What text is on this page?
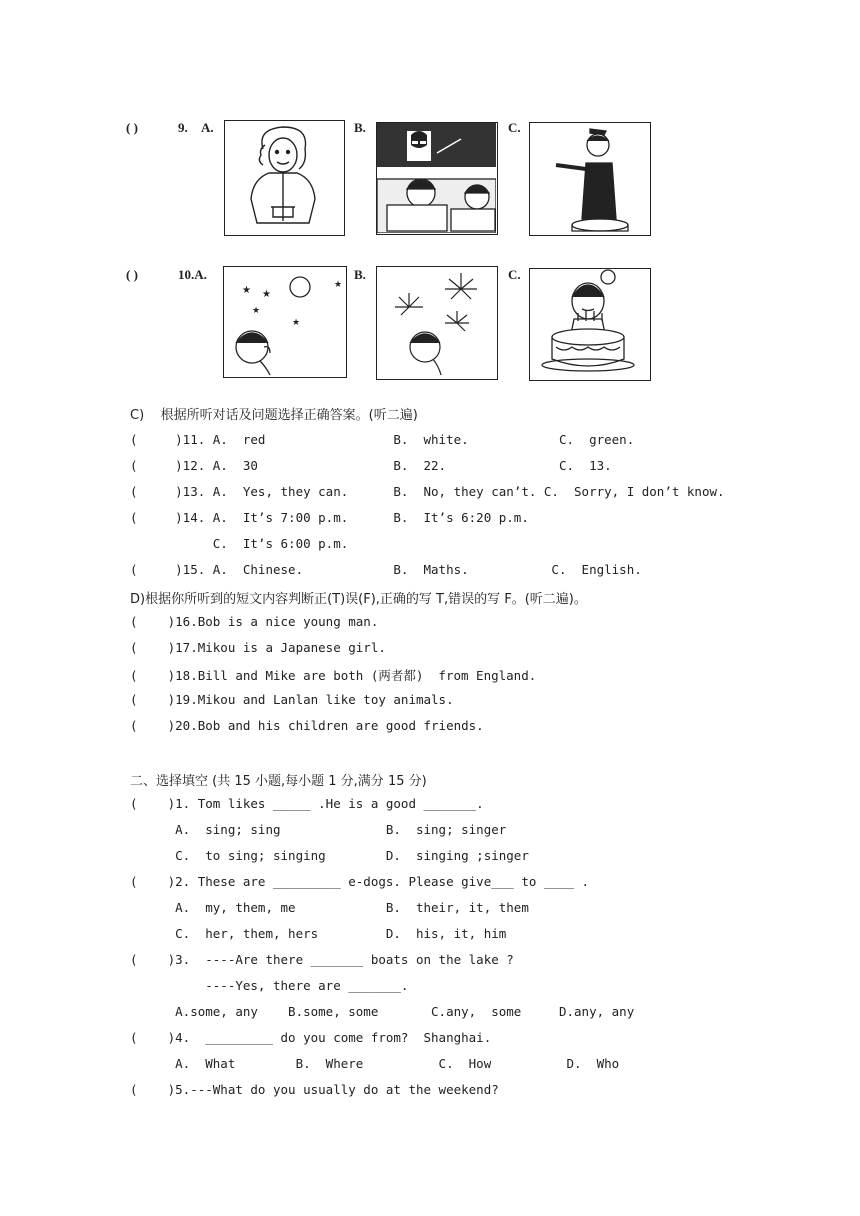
( )	9. A.	B.	C.
( )	10.A.	B.	C.
★ ★
★
★
★
C)    根据所听对话及问题选择正确答案。(听二遍)
(     )11. A.  red                 B.  white.            C.  green.
(     )12. A.  30                  B.  22.               C.  13.
(     )13. A.  Yes, they can.      B.  No, they can’t. C.  Sorry, I don’t know.
(     )14. A.  It’s 7:00 p.m.      B.  It’s 6:20 p.m.
C.  It’s 6:00 p.m.
(     )15. A.  Chinese.            B.  Maths.           C.  English.
D)根据你所听到的短文内容判断正(T)误(F),正确的写 T,错误的写 F。(听二遍)。
(    )16.Bob is a nice young man.
(    )17.Mikou is a Japanese girl.
(    )18.Bill and Mike are both (两者都)  from England.
(    )19.Mikou and Lanlan like toy animals.
(    )20.Bob and his children are good friends.
二、选择填空 (共 15 小题,每小题 1 分,满分 15 分)
(    )1. Tom likes _____ .He is a good _______.
A.  sing; sing              B.  sing; singer
C.  to sing; singing        D.  singing ;singer
(    )2. These are _________ e-dogs. Please give___ to ____ .
A.  my, them, me            B.  their, it, them
C.  her, them, hers         D.  his, it, him
(    )3.  ----Are there _______ boats on the lake ?
----Yes, there are _______.
A.some, any    B.some, some       C.any,  some     D.any, any
(    )4.  _________ do you come from?  Shanghai.
A.  What        B.  Where          C.  How          D.  Who
(    )5.---What do you usually do at the weekend?
